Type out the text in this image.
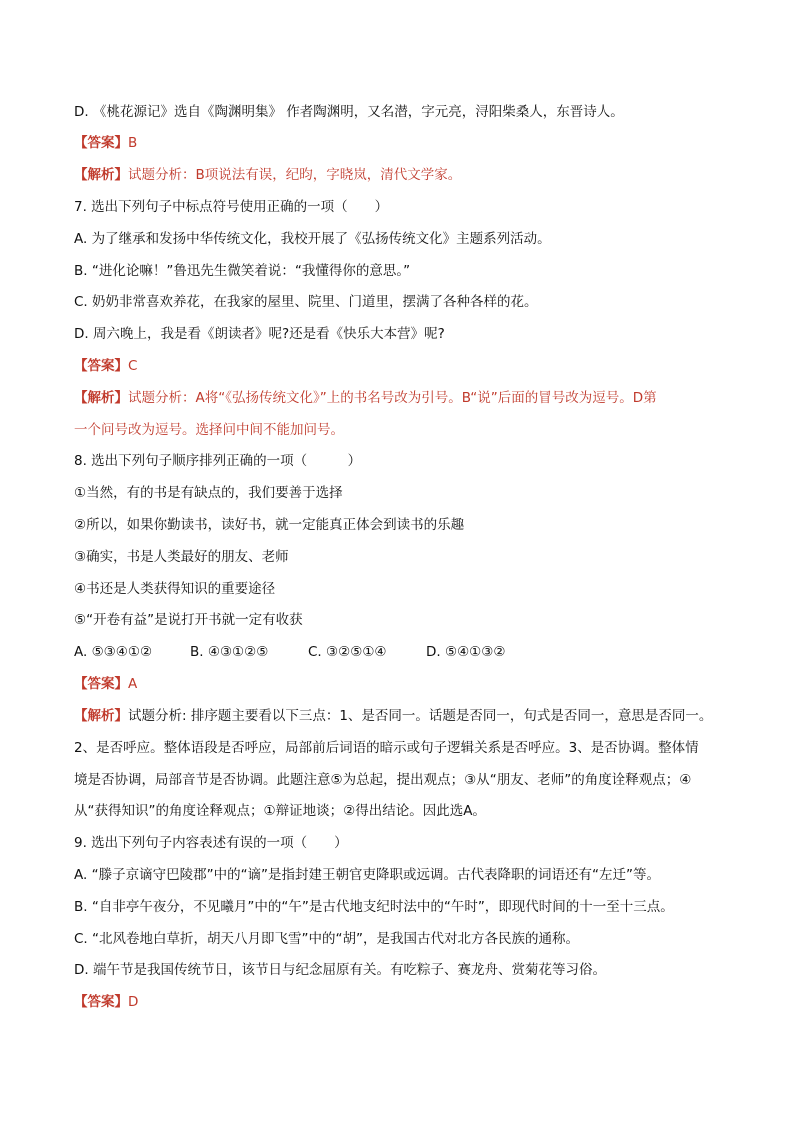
D. 《桃花源记》选自《陶渊明集》 作者陶渊明，又名潜，字元亮，浔阳柴桑人，东晋诗人。
【答案】B
【解析】试题分析：B项说法有误，纪昀，字晓岚，清代文学家。
7. 选出下列句子中标点符号使用正确的一项（　　）
A. 为了继承和发扬中华传统文化，我校开展了《弘扬传统文化》主题系列活动。
B. “进化论嘛！”鲁迅先生微笑着说：“我懂得你的意思。”
C. 奶奶非常喜欢养花，在我家的屋里、院里、门道里，摆满了各种各样的花。
D. 周六晚上，我是看《朗读者》呢?还是看《快乐大本营》呢?
【答案】C
【解析】试题分析：A将“《弘扬传统文化》”上的书名号改为引号。B“说”后面的冒号改为逗号。D第
一个问号改为逗号。选择问中间不能加问号。
8. 选出下列句子顺序排列正确的一项（　　　）
①当然，有的书是有缺点的，我们要善于选择
②所以，如果你勤读书，读好书，就一定能真正体会到读书的乐趣
③确实，书是人类最好的朋友、老师
④书还是人类获得知识的重要途径
⑤“开卷有益”是说打开书就一定有收获
A. ⑤③④①②	B. ④③①②⑤	C. ③②⑤①④	D. ⑤④①③②
【答案】A
【解析】试题分析: 排序题主要看以下三点：1、是否同一。话题是否同一，句式是否同一，意思是否同一。
2、是否呼应。整体语段是否呼应，局部前后词语的暗示或句子逻辑关系是否呼应。3、是否协调。整体情
境是否协调，局部音节是否协调。此题注意⑤为总起，提出观点；③从“朋友、老师”的角度诠释观点；④
从“获得知识”的角度诠释观点；①辩证地谈；②得出结论。因此选A。
9. 选出下列句子内容表述有误的一项（　　）
A. “滕子京谪守巴陵郡”中的“谪”是指封建王朝官吏降职或远调。古代表降职的词语还有“左迁”等。
B. “自非亭午夜分，不见曦月”中的“午”是古代地支纪时法中的“午时”，即现代时间的十一至十三点。
C. “北风卷地白草折，胡天八月即飞雪”中的“胡”，是我国古代对北方各民族的通称。
D. 端午节是我国传统节日，该节日与纪念屈原有关。有吃粽子、赛龙舟、赏菊花等习俗。
【答案】D
